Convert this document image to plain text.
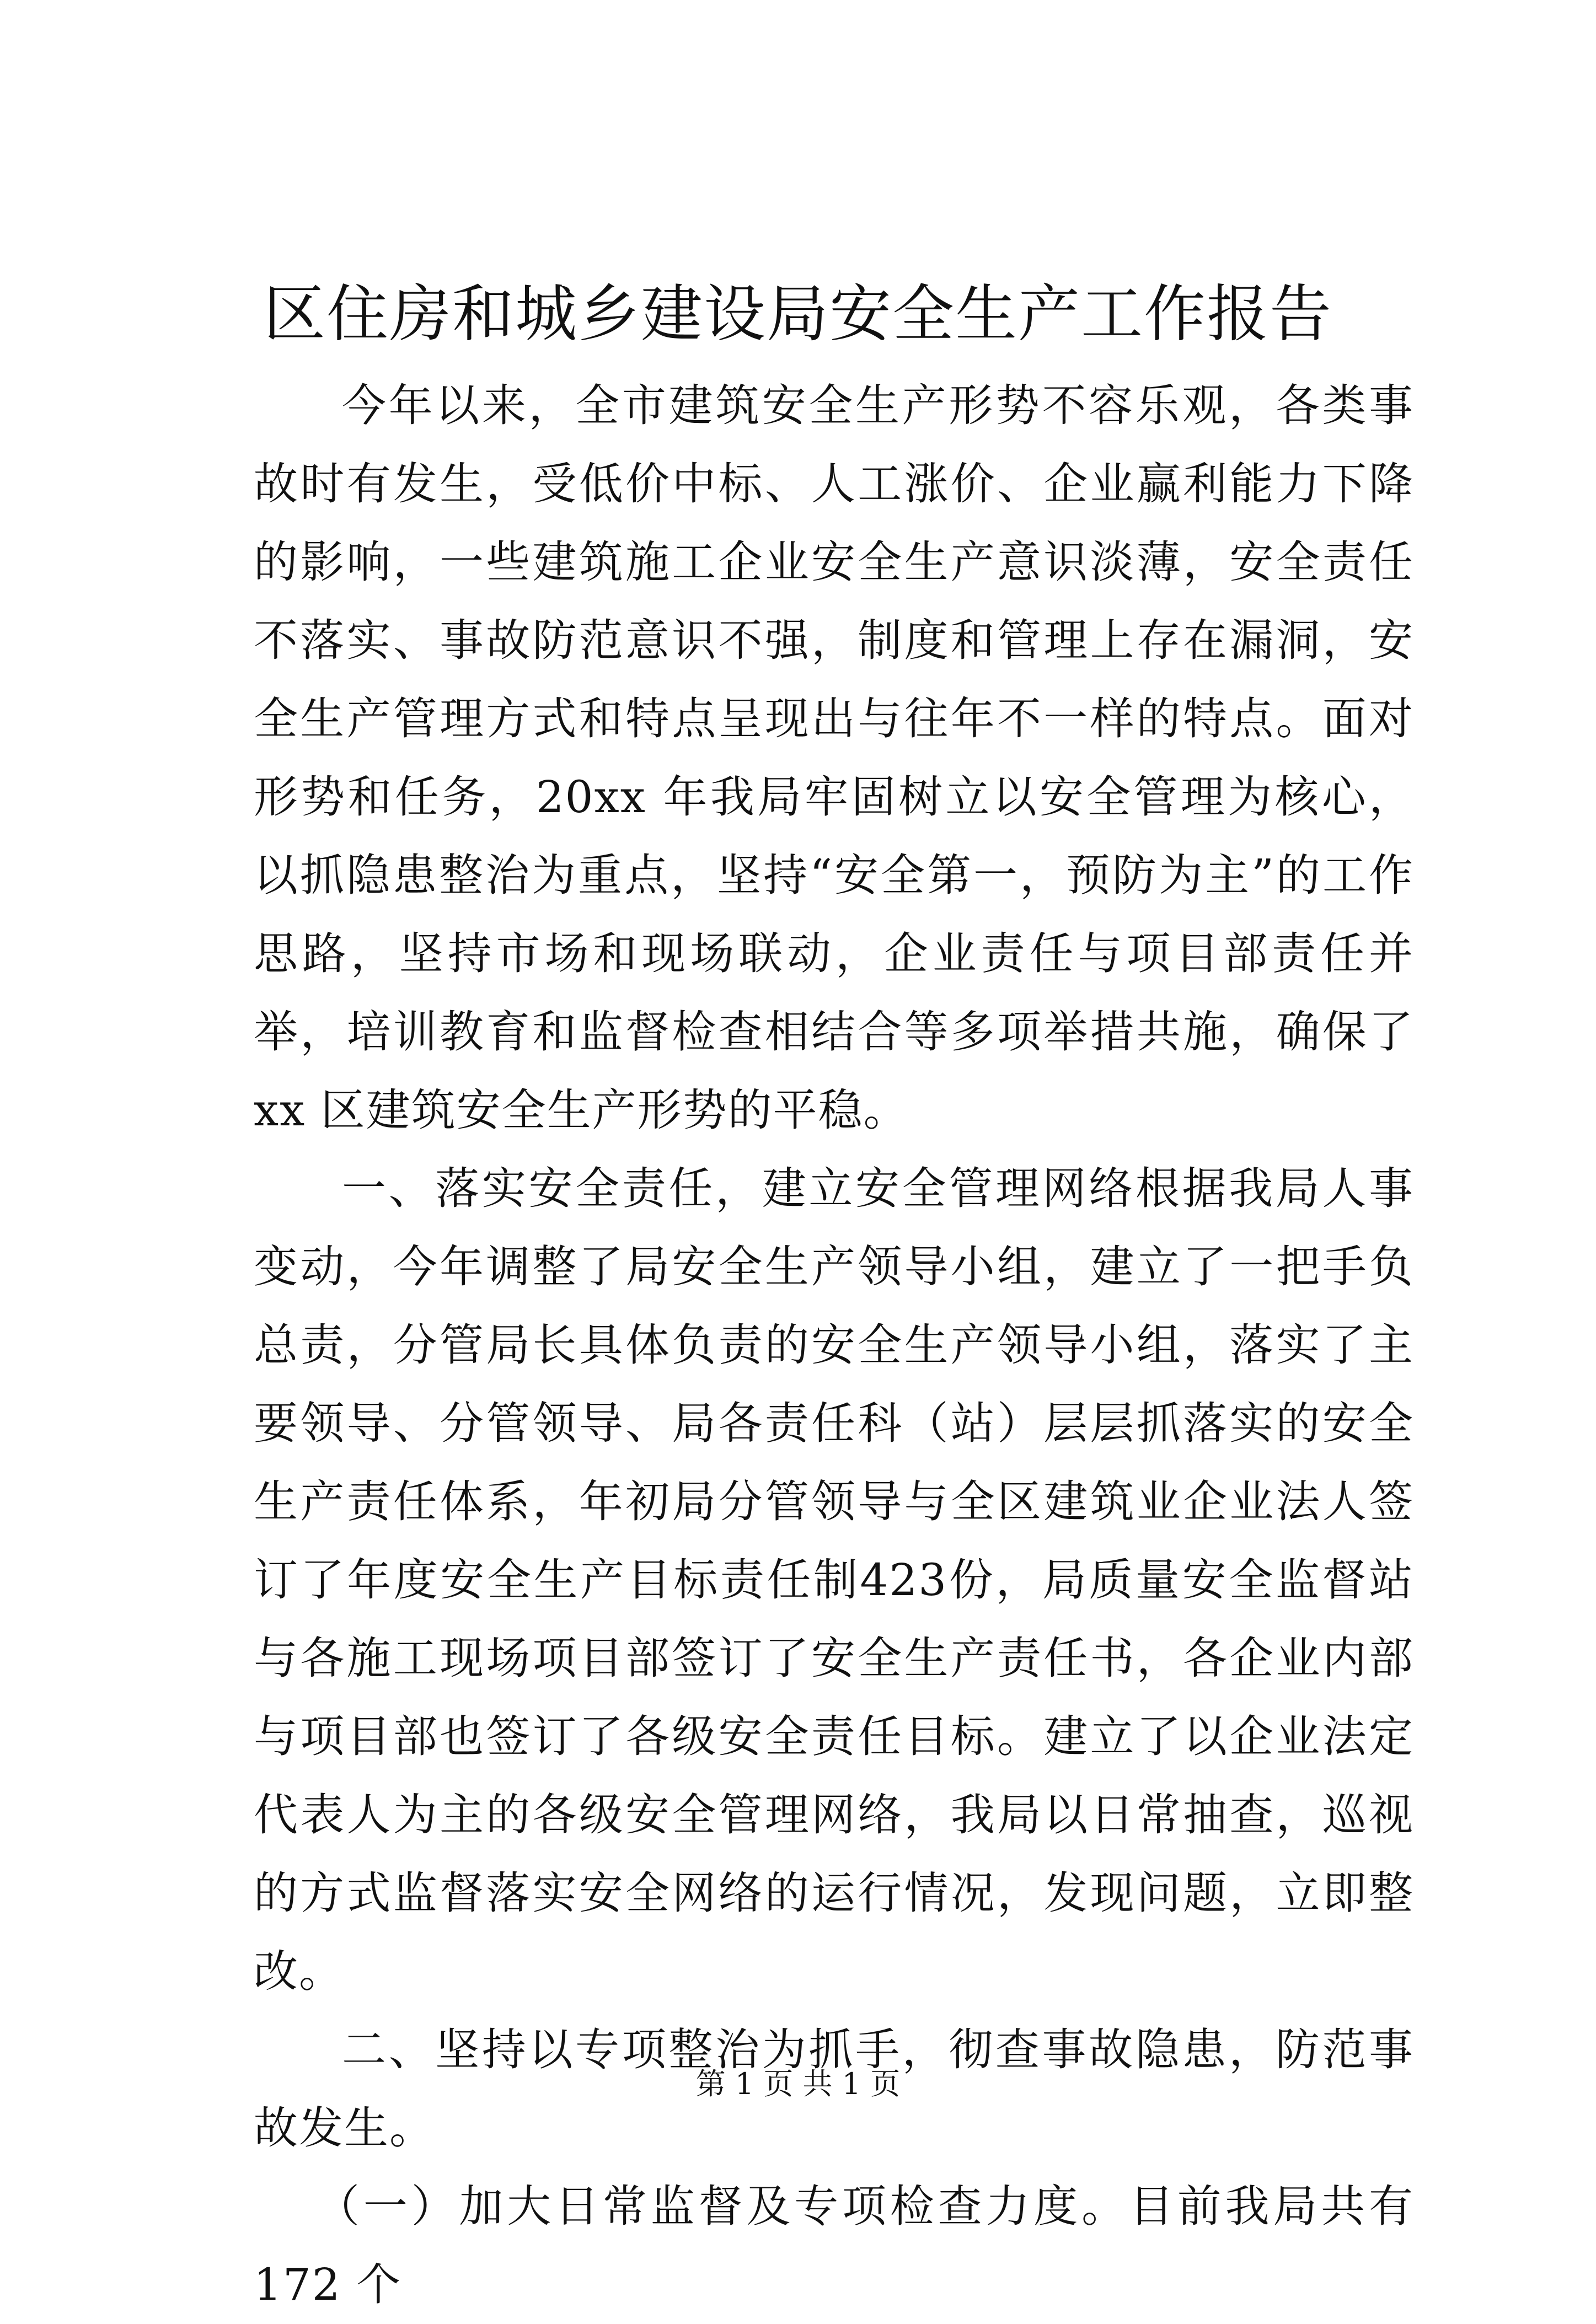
区住房和城乡建设局安全生产工作报告

今年以来，全市建筑安全生产形势不容乐观，各类事故时有发生，受低价中标、人工涨价、企业赢利能力下降的影响，一些建筑施工企业安全生产意识淡薄，安全责任不落实、事故防范意识不强，制度和管理上存在漏洞，安全生产管理方式和特点呈现出与往年不一样的特点。面对形势和任务，20xx 年我局牢固树立以安全管理为核心，以抓隐患整治为重点，坚持“安全第一，预防为主”的工作思路，坚持市场和现场联动，企业责任与项目部责任并举，培训教育和监督检查相结合等多项举措共施，确保了 xx 区建筑安全生产形势的平稳。

一、落实安全责任，建立安全管理网络根据我局人事变动，今年调整了局安全生产领导小组，建立了一把手负总责，分管局长具体负责的安全生产领导小组，落实了主要领导、分管领导、局各责任科（站）层层抓落实的安全生产责任体系，年初局分管领导与全区建筑业企业法人签订了年度安全生产目标责任制423份，局质量安全监督站与各施工现场项目部签订了安全生产责任书，各企业内部与项目部也签订了各级安全责任目标。建立了以企业法定代表人为主的各级安全管理网络，我局以日常抽查，巡视的方式监督落实安全网络的运行情况，发现问题，立即整改。

二、坚持以专项整治为抓手，彻查事故隐患，防范事故发生。

（一）加大日常监督及专项检查力度。目前我局共有 172 个

第 1 页 共 1 页
